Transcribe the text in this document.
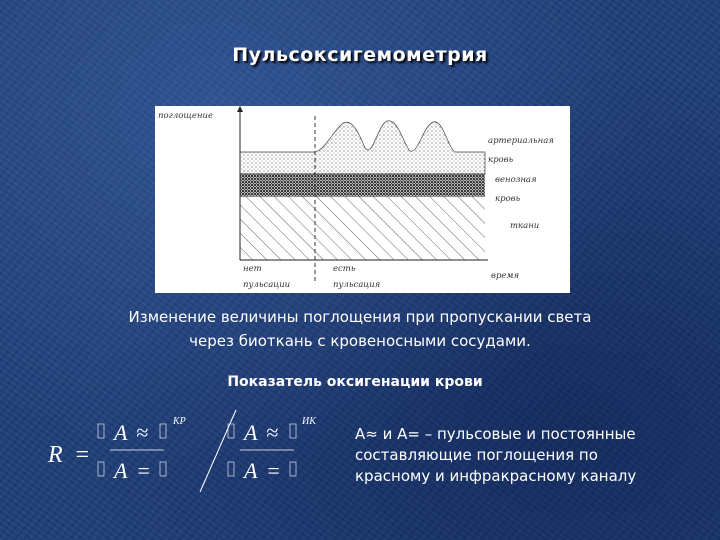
Пульсоксигемометрия
поглощение
время
артериальная
кровь
венозная
кровь
ткани
нет
пульсации
есть
пульсация
Изменение величины поглощения при пропускании света
через биоткань с кровеносными сосудами.
Показатель оксигенации крови
R =
A ≈
A =
КР	A ≈
A =
ИК
А≈ и А= – пульсовые и постоянные составляющие поглощения по красному и инфракрасному каналу
